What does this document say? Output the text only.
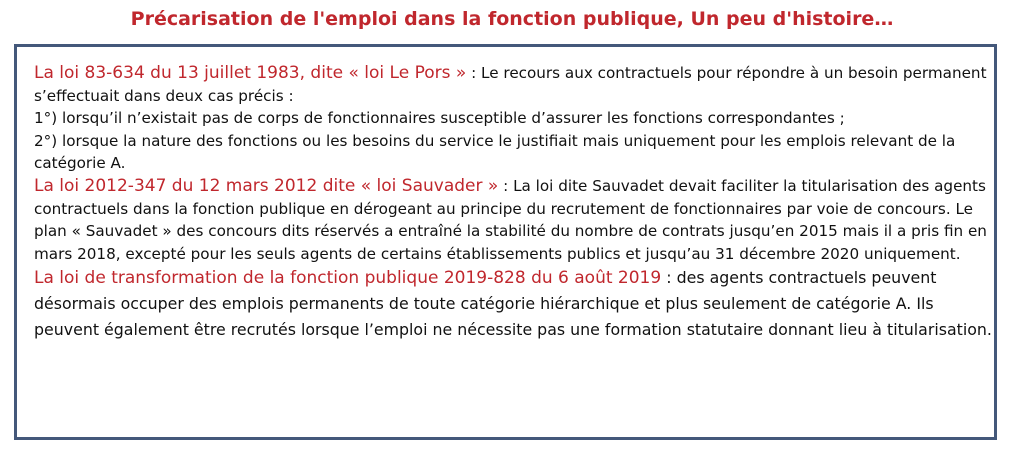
Précarisation de l'emploi dans la fonction publique, Un peu d'histoire…

La loi 83-634 du 13 juillet 1983, dite « loi Le Pors » : Le recours aux contractuels pour répondre à un besoin permanent s’effectuait dans deux cas précis :

1°) lorsqu’il n’existait pas de corps de fonctionnaires susceptible d’assurer les fonctions correspondantes ;

2°) lorsque la nature des fonctions ou les besoins du service le justifiait mais uniquement pour les emplois relevant de la catégorie A.

La loi 2012-347 du 12 mars 2012 dite « loi Sauvader » : La loi dite Sauvadet devait faciliter la titularisation des agents contractuels dans la fonction publique en dérogeant au principe du recrutement de fonctionnaires par voie de concours. Le plan « Sauvadet » des concours dits réservés a entraîné la stabilité du nombre de contrats jusqu’en 2015 mais il a pris fin en mars 2018, excepté pour les seuls agents de certains établissements publics et jusqu’au 31 décembre 2020 uniquement.

La loi de transformation de la fonction publique 2019-828 du 6 août 2019 : des agents contractuels peuvent désormais occuper des emplois permanents de toute catégorie hiérarchique et plus seulement de catégorie A. Ils peuvent également être recrutés lorsque l’emploi ne nécessite pas une formation statutaire donnant lieu à titularisation.
